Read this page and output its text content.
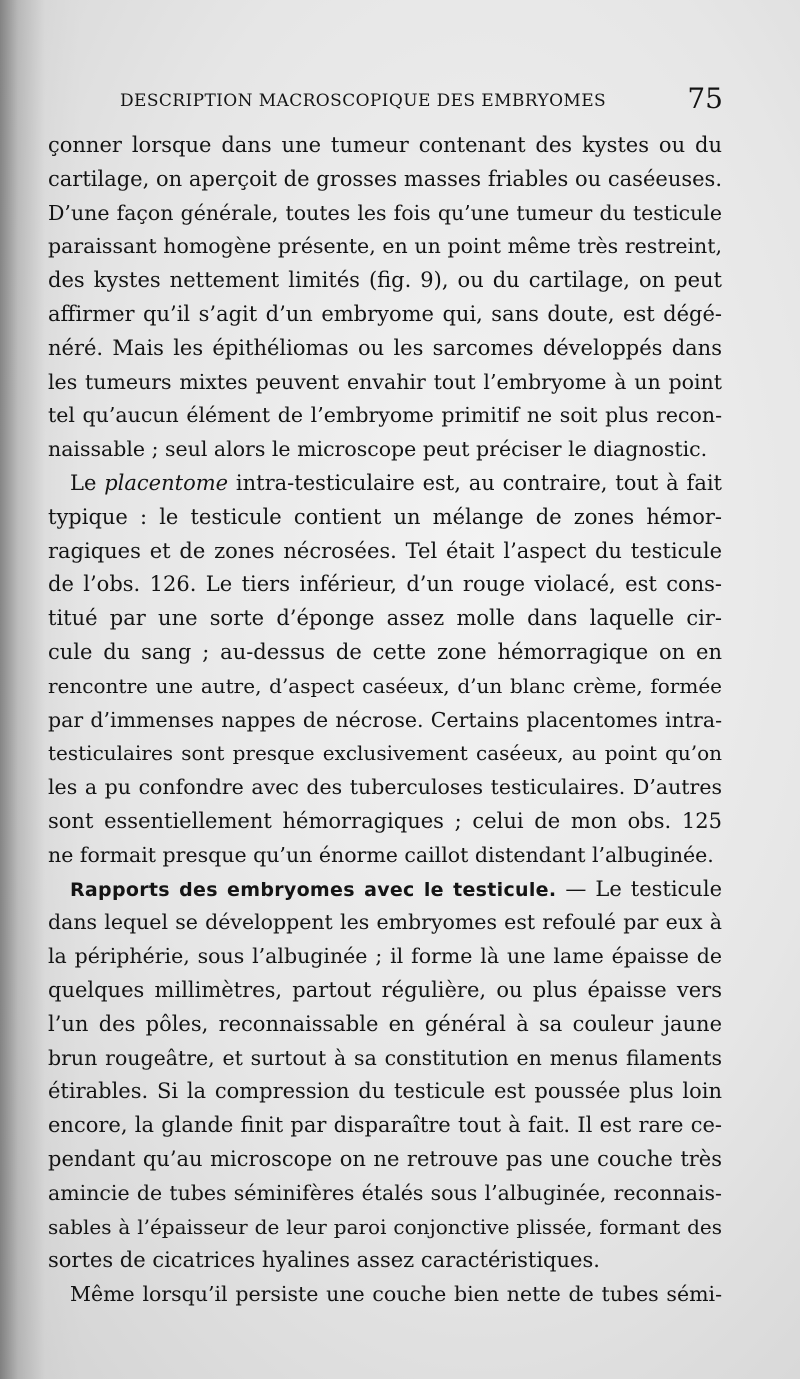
DESCRIPTION MACROSCOPIQUE DES EMBRYOMES	75
çonner lorsque dans une tumeur contenant des kystes ou du
cartilage, on aperçoit de grosses masses friables ou caséeuses.
D’une façon générale, toutes les fois qu’une tumeur du testicule
paraissant homogène présente, en un point même très restreint,
des kystes nettement limités (fig. 9), ou du cartilage, on peut
affirmer qu’il s’agit d’un embryome qui, sans doute, est dégé-
néré. Mais les épithéliomas ou les sarcomes développés dans
les tumeurs mixtes peuvent envahir tout l’embryome à un point
tel qu’aucun élément de l’embryome primitif ne soit plus recon-
naissable ; seul alors le microscope peut préciser le diagnostic.
Le placentome intra-testiculaire est, au contraire, tout à fait
typique : le testicule contient un mélange de zones hémor-
ragiques et de zones nécrosées. Tel était l’aspect du testicule
de l’obs. 126. Le tiers inférieur, d’un rouge violacé, est cons-
titué par une sorte d’éponge assez molle dans laquelle cir-
cule du sang ; au-dessus de cette zone hémorragique on en
rencontre une autre, d’aspect caséeux, d’un blanc crème, formée
par d’immenses nappes de nécrose. Certains placentomes intra-
testiculaires sont presque exclusivement caséeux, au point qu’on
les a pu confondre avec des tuberculoses testiculaires. D’autres
sont essentiellement hémorragiques ; celui de mon obs. 125
ne formait presque qu’un énorme caillot distendant l’albuginée.
Rapports des embryomes avec le testicule. — Le testicule
dans lequel se développent les embryomes est refoulé par eux à
la périphérie, sous l’albuginée ; il forme là une lame épaisse de
quelques millimètres, partout régulière, ou plus épaisse vers
l’un des pôles, reconnaissable en général à sa couleur jaune
brun rougeâtre, et surtout à sa constitution en menus filaments
étirables. Si la compression du testicule est poussée plus loin
encore, la glande finit par disparaître tout à fait. Il est rare ce-
pendant qu’au microscope on ne retrouve pas une couche très
amincie de tubes séminifères étalés sous l’albuginée, reconnais-
sables à l’épaisseur de leur paroi conjonctive plissée, formant des
sortes de cicatrices hyalines assez caractéristiques.
Même lorsqu’il persiste une couche bien nette de tubes sémi-
